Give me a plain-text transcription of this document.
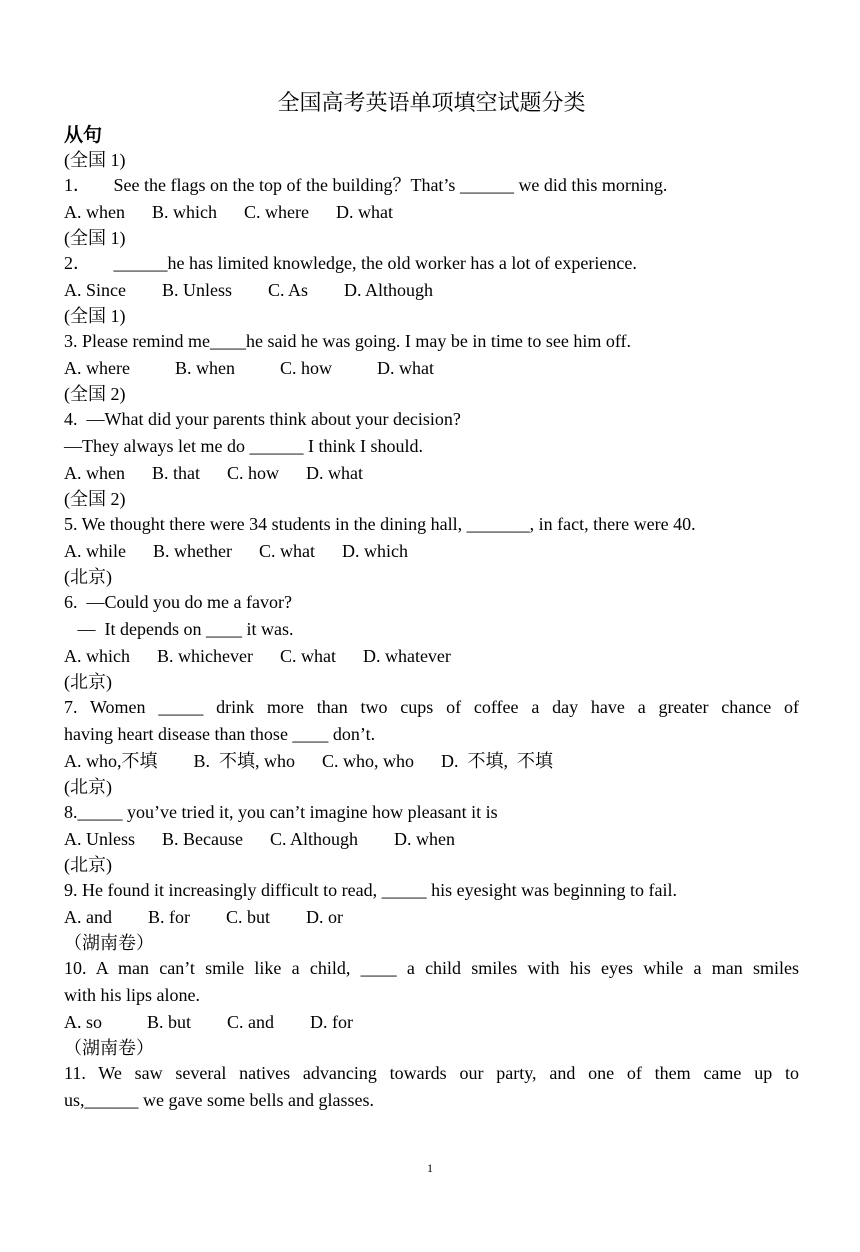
全国高考英语单项填空试题分类
从句
(全国 1)
1．     See the flags on the top of the building？That’s ______ we did this morning.
A. when      B. which      C. where      D. what
(全国 1)
2．     ______he has limited knowledge, the old worker has a lot of experience.
A. Since        B. Unless        C. As        D. Although
(全国 1)
3. Please remind me____he said he was going. I may be in time to see him off.
A. where          B. when          C. how          D. what
(全国 2)
4.  —What did your parents think about your decision?
—They always let me do ______ I think I should.
A. when      B. that      C. how      D. what
(全国 2)
5. We thought there were 34 students in the dining hall, _______, in fact, there were 40.
A. while      B. whether      C. what      D. which
(北京)
6.  —Could you do me a favor?
—  It depends on ____ it was.
A. which      B. whichever      C. what      D. whatever
(北京)
7. Women _____ drink more than two cups of coffee a day have a greater chance of
having heart disease than those ____ don’t.
A. who,不填        B.  不填, who      C. who, who      D.  不填,  不填
(北京)
8._____ you’ve tried it, you can’t imagine how pleasant it is
A. Unless      B. Because      C. Although        D. when
(北京)
9. He found it increasingly difficult to read, _____ his eyesight was beginning to fail.
A. and        B. for        C. but        D. or
（湖南卷）
10. A man can’t smile like a child, ____ a child smiles with his eyes while a man smiles
with his lips alone.
A. so          B. but        C. and        D. for
（湖南卷）
11. We saw several natives advancing towards our party, and one of them came up to
us,______ we gave some bells and glasses.
1
